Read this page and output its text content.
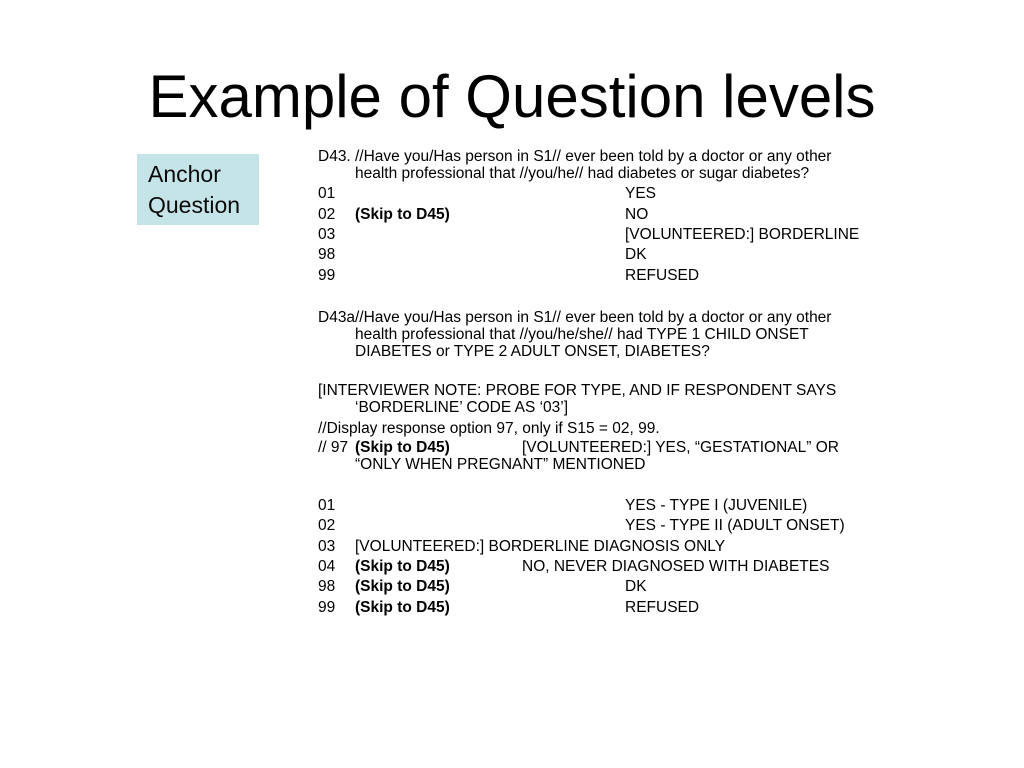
Example of Question levels
Anchor Question
D43. //Have you/Has person in S1// ever been told by a doctor or any other
health professional that //you/he// had diabetes or sugar diabetes?
01	YES
02 (Skip to D45)	NO
03	[VOLUNTEERED:] BORDERLINE
98	DK
99	REFUSED
D43a //Have you/Has person in S1// ever been told by a doctor or any other
health professional that //you/he/she// had TYPE 1 CHILD ONSET
DIABETES or TYPE 2 ADULT ONSET, DIABETES?
[INTERVIEWER NOTE: PROBE FOR TYPE, AND IF RESPONDENT SAYS
‘BORDERLINE’ CODE AS ‘03’]
//Display response option 97, only if S15 = 02, 99.
// 97 (Skip to D45)	[VOLUNTEERED:] YES, “GESTATIONAL” OR
“ONLY WHEN PREGNANT” MENTIONED
01	YES - TYPE I (JUVENILE)
02	YES - TYPE II (ADULT ONSET)
03 [VOLUNTEERED:] BORDERLINE DIAGNOSIS ONLY
04 (Skip to D45)	NO, NEVER DIAGNOSED WITH DIABETES
98 (Skip to D45)	DK
99 (Skip to D45)	REFUSED
